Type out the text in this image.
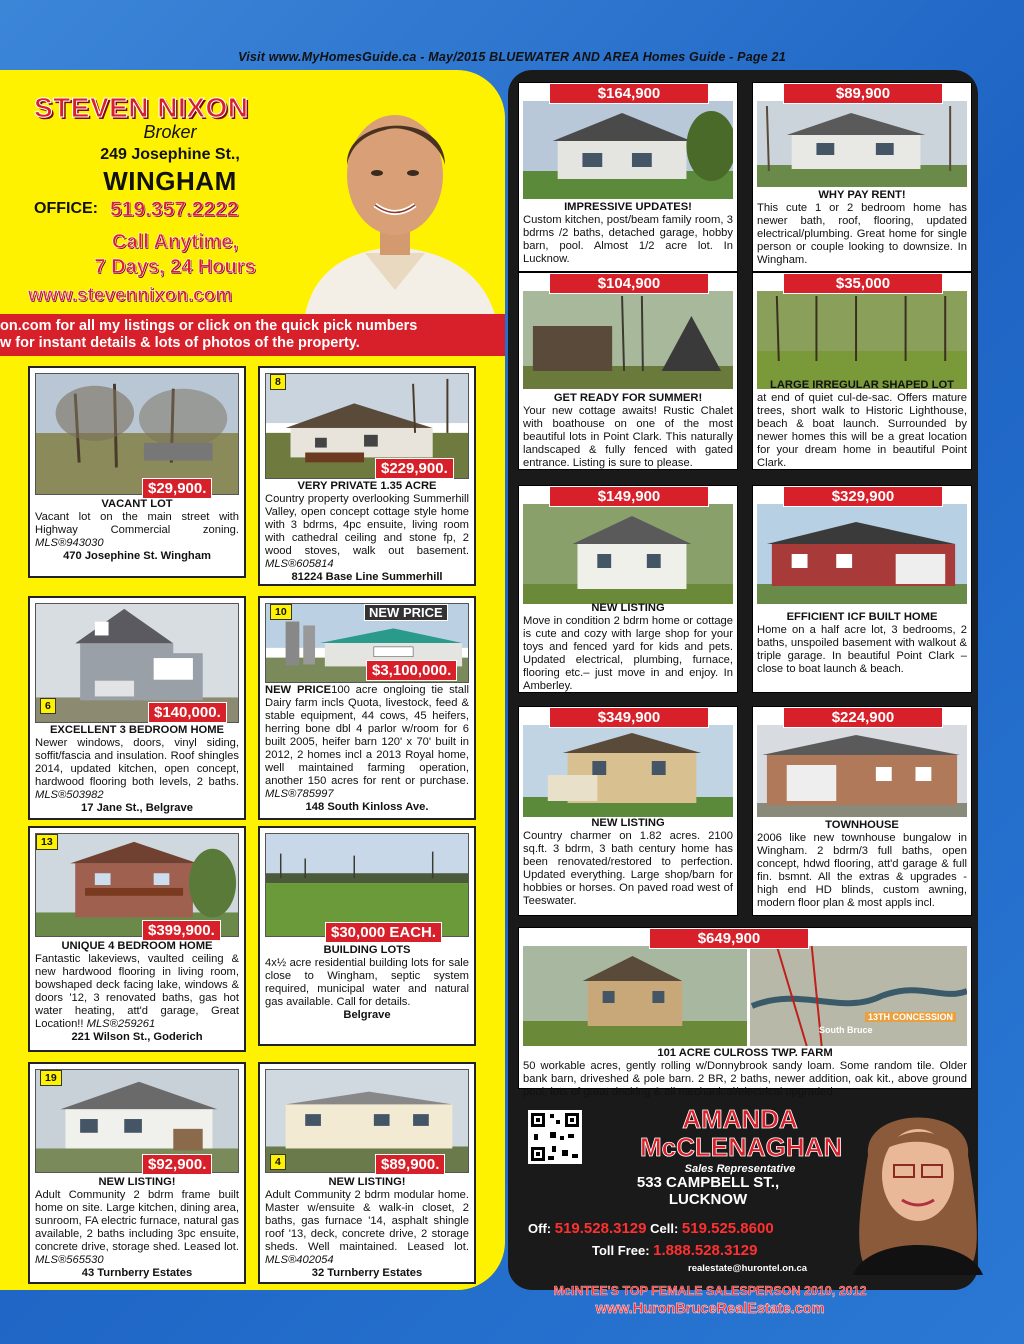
Visit www.MyHomesGuide.ca - May/2015 BLUEWATER AND AREA Homes Guide - Page 21
STEVEN NIXON
Broker
249 Josephine St.,
WINGHAM
OFFICE: 519.357.2222
Call Anytime,
7 Days, 24 Hours
www.stevennixon.com
on.com for all my listings or click on the quick pick numbers
w for instant details & lots of photos of the property.
$29,900.
VACANT LOT
Vacant lot on the main street with Highway Commercial zoning. MLS®943030
470 Josephine St. Wingham
8
$229,900.
VERY PRIVATE 1.35 ACRE
Country property overlooking Summerhill Valley, open concept cottage style home with 3 bdrms, 4pc ensuite, living room with cathedral ceiling and stone fp, 2 wood stoves, walk out basement. MLS®605814
81224 Base Line Summerhill
6	$140,000.
EXCELLENT 3 BEDROOM HOME
Newer windows, doors, vinyl siding, soffit/fascia and insulation. Roof shingles 2014, updated kitchen, open concept, hardwood flooring both levels, 2 baths. MLS®503982
17 Jane St., Belgrave
10	NEW PRICE
$3,100,000.
NEW PRICE100 acre ongloing tie stall Dairy farm incls Quota, livestock, feed & stable equipment, 44 cows, 45 heifers, herring bone dbl 4 parlor w/room for 6 built 2005, heifer barn 120' x 70' built in 2012, 2 homes incl a 2013 Royal home, well maintained farming operation, another 150 acres for rent or purchase. MLS®785997
148 South Kinloss Ave.
13
$399,900.
UNIQUE 4 BEDROOM HOME
Fantastic lakeviews, vaulted ceiling & new hardwood flooring in living room, bowshaped deck facing lake, windows & doors '12, 3 renovated baths, gas hot water heating, att'd garage, Great Location!! MLS®259261
221 Wilson St., Goderich
$30,000 EACH.
BUILDING LOTS
4x½ acre residential building lots for sale close to Wingham, septic system required, municipal water and natural gas available. Call for details.
Belgrave
19
$92,900.
NEW LISTING!
Adult Community 2 bdrm frame built home on site. Large kitchen, dining area, sunroom, FA electric furnace, natural gas available, 2 baths including 3pc ensuite, concrete drive, storage shed. Leased lot. MLS®565530
43 Turnberry Estates
4	$89,900.
NEW LISTING!
Adult Community 2 bdrm modular home. Master w/ensuite & walk-in closet, 2 baths, gas furnace '14, asphalt shingle roof '13, deck, concrete drive, 2 storage sheds. Well maintained. Leased lot. MLS®402054
32 Turnberry Estates
$164,900
IMPRESSIVE UPDATES!
Custom kitchen, post/beam family room, 3 bdrms /2 baths, detached garage, hobby barn, pool. Almost 1/2 acre lot. In Lucknow.
$89,900
WHY PAY RENT!
This cute 1 or 2 bedroom home has newer bath, roof, flooring, updated electrical/plumbing. Great home for single person or couple looking to downsize. In Wingham.
$104,900
GET READY FOR SUMMER!
Your new cottage awaits! Rustic Chalet with boathouse on one of the most beautiful lots in Point Clark. This naturally landscaped & fully fenced with gated entrance. Listing is sure to please.
$35,000
LARGE IRREGULAR SHAPED LOT
at end of quiet cul-de-sac. Offers mature trees, short walk to Historic Lighthouse, beach & boat launch. Surrounded by newer homes this will be a great location for your dream home in beautiful Point Clark.
$149,900
NEW LISTING
Move in condition 2 bdrm home or cottage is cute and cozy with large shop for your toys and fenced yard for kids and pets. Updated electrical, plumbing, furnace, flooring etc.– just move in and enjoy. In Amberley.
$329,900
EFFICIENT ICF BUILT HOME
Home on a half acre lot, 3 bedrooms, 2 baths, unspoiled basement with walkout & triple garage. In beautiful Point Clark – close to boat launch & beach.
$349,900
NEW LISTING
Country charmer on 1.82 acres. 2100 sq.ft. 3 bdrm, 3 bath century home has been renovated/restored to perfection. Updated everything. Large shop/barn for hobbies or horses. On paved road west of Teeswater.
$224,900
TOWNHOUSE
2006 like new townhouse bungalow in Wingham. 2 bdrm/3 full baths, open concept, hdwd flooring, att'd garage & full fin. bsmnt. All the extras & upgrades - high end HD blinds, custom awning, modern floor plan & most appls incl.
$649,900
13TH CONCESSION
South Bruce
101 ACRE CULROSS TWP. FARM
50 workable acres, gently rolling w/Donnybrook sandy loam. Some random tile. Older bank barn, driveshed & pole barn. 2 BR, 2 baths, newer addition, oak kit., above ground pool, lots of great decking & all mechanical/electrical upgraded.
AMANDA
McCLENAGHAN
Sales Representative
533 CAMPBELL ST.,
LUCKNOW
Off: 519.528.3129 Cell: 519.525.8600
Toll Free: 1.888.528.3129
realestate@hurontel.on.ca
McINTEE'S TOP FEMALE SALESPERSON 2010, 2012
www.HuronBruceRealEstate.com
